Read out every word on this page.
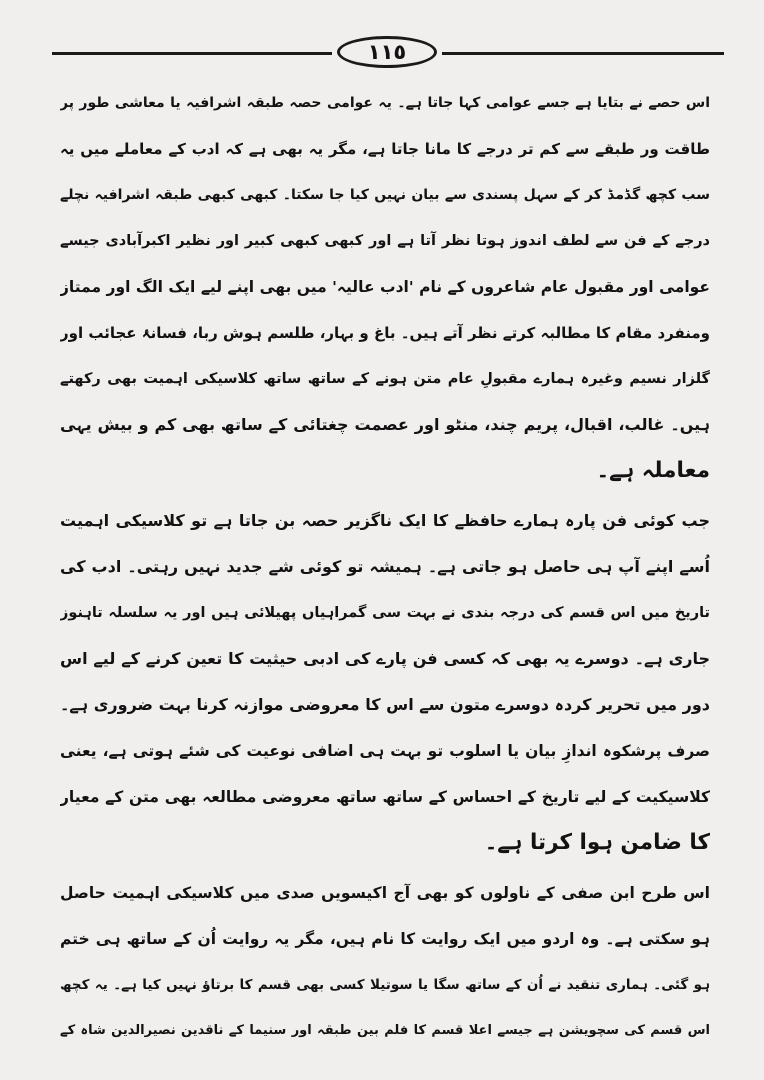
١١٥
اس حصے نے بتایا ہے جسے عوامی کہا جاتا ہے۔ یہ عوامی حصہ طبقہ اشرافیہ یا معاشی طور پر
طاقت ور طبقے سے کم تر درجے کا مانا جاتا ہے، مگر یہ بھی ہے کہ ادب کے معاملے میں یہ
سب کچھ گڈمڈ کر کے سہل پسندی سے بیان نہیں کیا جا سکتا۔ کبھی کبھی طبقہ اشرافیہ نچلے
درجے کے فن سے لطف اندوز ہوتا نظر آتا ہے اور کبھی کبھی کبیر اور نظیر اکبرآبادی جیسے
عوامی اور مقبول عام شاعروں کے نام 'ادب عالیہ' میں بھی اپنے لیے ایک الگ اور ممتاز
ومنفرد مقام کا مطالبہ کرتے نظر آتے ہیں۔ باغ و بہار، طلسم ہوش ربا، فسانۂ عجائب اور
گلزار نسیم وغیرہ ہمارے مقبولِ عام متن ہونے کے ساتھ ساتھ کلاسیکی اہمیت بھی رکھتے
ہیں۔ غالب، اقبال، پریم چند، منٹو اور عصمت چغتائی کے ساتھ بھی کم و بیش یہی
معاملہ ہے۔
جب کوئی فن پارہ ہمارے حافظے کا ایک ناگزیر حصہ بن جاتا ہے تو کلاسیکی اہمیت
اُسے اپنے آپ ہی حاصل ہو جاتی ہے۔ ہمیشہ تو کوئی شے جدید نہیں رہتی۔ ادب کی
تاریخ میں اس قسم کی درجہ بندی نے بہت سی گمراہیاں پھیلائی ہیں اور یہ سلسلہ تاہنوز
جاری ہے۔ دوسرے یہ بھی کہ کسی فن پارے کی ادبی حیثیت کا تعین کرنے کے لیے اس
دور میں تحریر کردہ دوسرے متون سے اس کا معروضی موازنہ کرنا بہت ضروری ہے۔
صرف پرشکوہ اندازِ بیان یا اسلوب تو بہت ہی اضافی نوعیت کی شئے ہوتی ہے، یعنی
کلاسیکیت کے لیے تاریخ کے احساس کے ساتھ ساتھ معروضی مطالعہ بھی متن کے معیار
کا ضامن ہوا کرتا ہے۔
اس طرح ابن صفی کے ناولوں کو بھی آج اکیسویں صدی میں کلاسیکی اہمیت حاصل
ہو سکتی ہے۔ وہ اردو میں ایک روایت کا نام ہیں، مگر یہ روایت اُن کے ساتھ ہی ختم
ہو گئی۔ ہماری تنقید نے اُن کے ساتھ سگا یا سوتیلا کسی بھی قسم کا برتاؤ نہیں کیا ہے۔ یہ کچھ
اس قسم کی سچویشن ہے جیسے اعلا قسم کا فلم بین طبقہ اور سنیما کے ناقدین نصیرالدین شاہ کے
